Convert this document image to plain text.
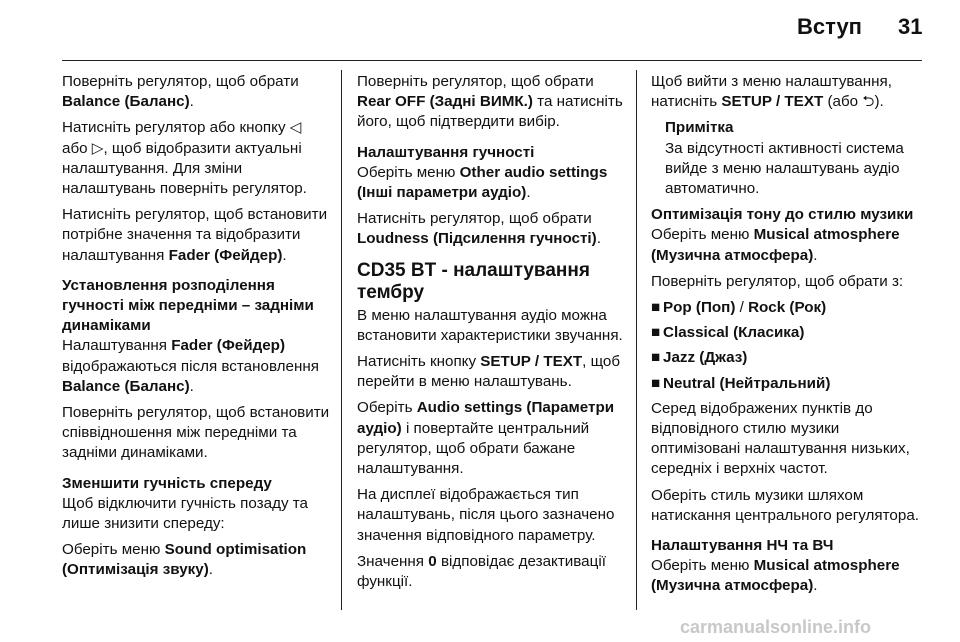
Вступ 31

Поверніть регулятор, щоб обрати Balance (Баланс).

Натисніть регулятор або кнопку ◁ або ▷, щоб відобразити актуальні налаштування. Для зміни налаштувань поверніть регулятор.

Натисніть регулятор, щоб встановити потрібне значення та відобразити налаштування Fader (Фейдер).

Установлення розподілення гучності між передніми – задніми динаміками

Налаштування Fader (Фейдер) відображаються після встановлення Balance (Баланс).

Поверніть регулятор, щоб встановити співвідношення між передніми та задніми динаміками.

Зменшити гучність спереду

Щоб відключити гучність позаду та лише знизити спереду:

Оберіть меню Sound optimisation (Оптимізація звуку).

Поверніть регулятор, щоб обрати Rear OFF (Задні ВИМК.) та натисніть його, щоб підтвердити вибір.

Налаштування гучності

Оберіть меню Other audio settings (Інші параметри аудіо).

Натисніть регулятор, щоб обрати Loudness (Підсилення гучності).

CD35 BT - налаштування тембру

В меню налаштування аудіо можна встановити характеристики звучання.

Натисніть кнопку SETUP / TEXT, щоб перейти в меню налаштувань.

Оберіть Audio settings (Параметри аудіо) і повертайте центральний регулятор, щоб обрати бажане налаштування.

На дисплеї відображається тип налаштувань, після цього зазначено значення відповідного параметру.

Значення 0 відповідає дезактивації функції.

Щоб вийти з меню налаштування, натисніть SETUP / TEXT (або ⮌).

Примітка

За відсутності активності система вийде з меню налаштувань аудіо автоматично.

Оптимізація тону до стилю музики

Оберіть меню Musical atmosphere (Музична атмосфера).

Поверніть регулятор, щоб обрати з:

■ Pop (Поп) / Rock (Рок)
■ Classical (Класика)
■ Jazz (Джаз)
■ Neutral (Нейтральний)

Серед відображених пунктів до відповідного стилю музики оптимізовані налаштування низьких, середніх і верхніх частот.

Оберіть стиль музики шляхом натискання центрального регулятора.

Налаштування НЧ та ВЧ

Оберіть меню Musical atmosphere (Музична атмосфера).

carmanualsonline.info
